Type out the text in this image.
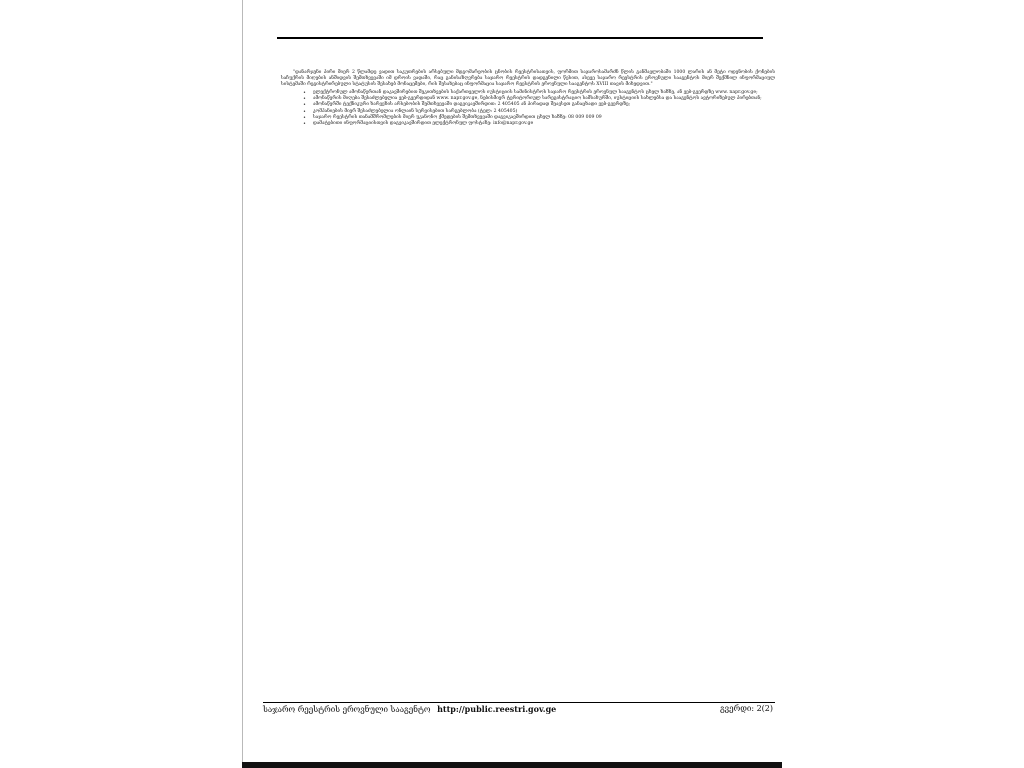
"დანარჯენი პირი მიერ 2 წლამდე ვადით საკუთრების არსებული მდგომარეობის ცნობის რეესტრისათვის, ფორმით საჯაროსამარძნ წლის განმავლობაში 1000 ლარის ან მეტი ოდენობის ქონების საჩუქრის მიღების ანშიდვის შემთხვევაში იმ დროის ვადაში, რაც განისაზღვრება საჯარო რეესტრის დადგენილი წესით, ასევე საჯარო რეესტრის ეროვნული სააგენტოს მიერ შექმნილ ინფორმაციულ სისტემაში რეგისტრირებული სტატუსის შესახებ მონაცემები, რის შესახებაც ინფორმაცია საჯარო რეესტრის ეროვნული სააგენტოს XVIII თავის მიხედვით."

• ელექტრონულ ამონაწერთან დაკავშირებით შეკითხვების საქართველოს იუსტიციის სამინისტროს საჯარო რეესტრის ეროვნულ სააგენტოს ცხელ ხაზზე, ან ვებ-გვერდზე www. napr.gov.ge;
• ამონაწერის მიღება შესაძლებელია ვებ-გვერდიდან www. napr.gov.ge, ნებისმიერ ტერიტორიულ სარეგისტრაციო სამსახურში, იუსტიციის სახლებსა და სააგენტოს ავტორიზებულ პირებთან;
• ამონაწერში ტექნიკური ხარვეზის არსებობის შემთხვევაში დაგვიკავშირდით: 2 405405 ან პირადად შეავსეთ განაცხადი ვებ-გვერდზე;
• კომპანიების მიერ შესაძლებელია ონლაინ სერვისებით სარგებლობა (ტელ: 2 405405)
• საჯარო რეესტრის თანამშრომლების მიერ უკანონო ქმედების შემთხვევაში დაგვიკავშირდით ცხელ ხაზზე: 08 009 009 09
• დამატებითი ინფორმაციისთვის დაგვიკავშირდით ელექტრონულ ფოსტაზე: info@napr.gov.ge
საჯარო რეესტრის ეროვნული სააგენტო http://public.reestri.gov.ge	გვერდი: 2(2)
